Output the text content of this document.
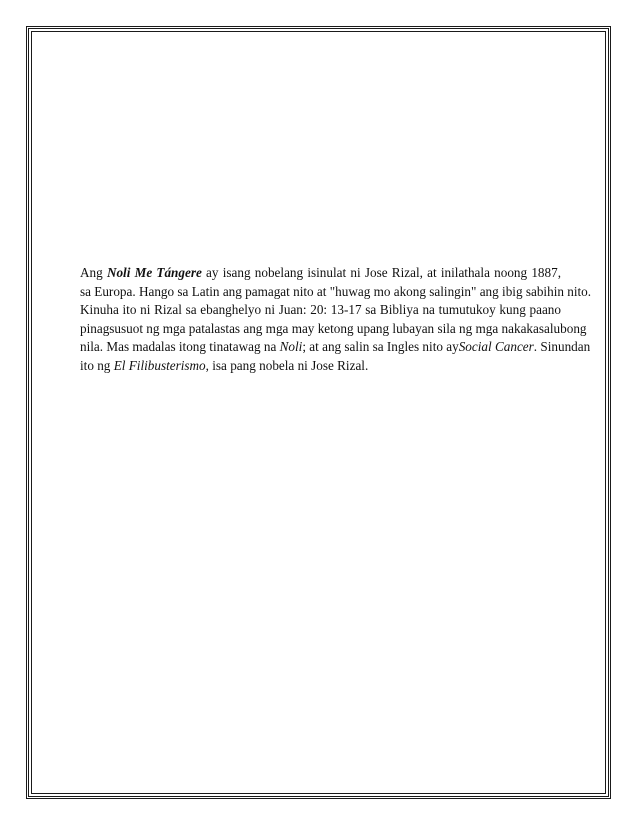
Ang Noli Me Tángere ay isang nobelang isinulat ni Jose Rizal, at inilathala noong 1887,
sa Europa. Hango sa Latin ang pamagat nito at "huwag mo akong salingin" ang ibig sabihin nito.
Kinuha ito ni Rizal sa ebanghelyo ni Juan: 20: 13-17 sa Bibliya na tumutukoy kung paano
pinagsusuot ng mga patalastas ang mga may ketong upang lubayan sila ng mga nakakasalubong
nila. Mas madalas itong tinatawag na Noli; at ang salin sa Ingles nito aySocial Cancer. Sinundan
ito ng El Filibusterismo, isa pang nobela ni Jose Rizal.
